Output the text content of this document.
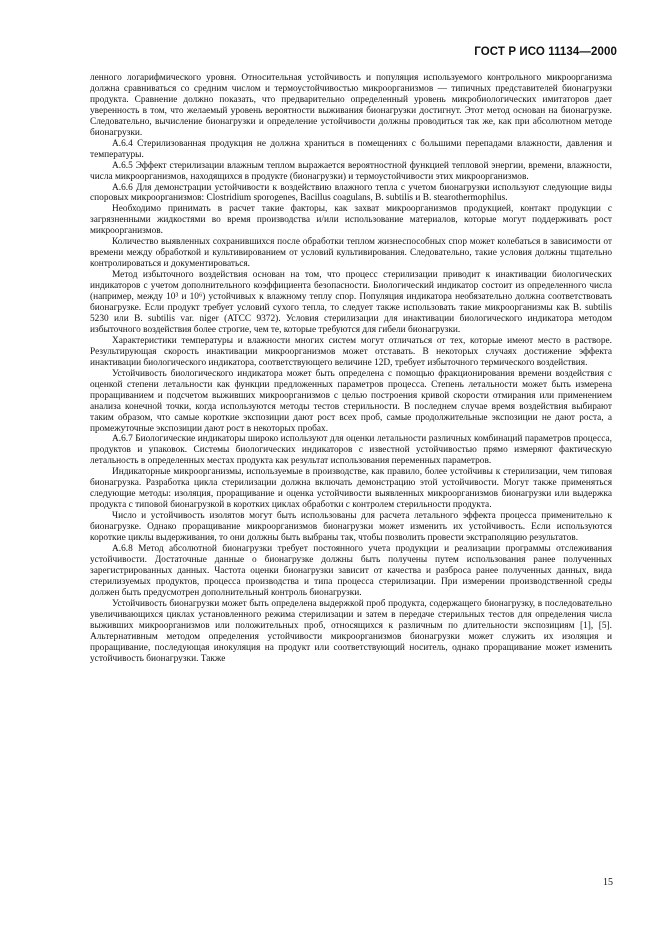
ГОСТ Р ИСО 11134—2000

ленного логарифмического уровня. Относительная устойчивость и популяция используемого контрольного микроорганизма должна сравниваться со средним числом и термоустойчивостью микроорганизмов — типичных представителей бионагрузки продукта. Сравнение должно показать, что предварительно определенный уровень микробиологических имитаторов дает уверенность в том, что желаемый уровень вероятности выживания бионагрузки достигнут. Этот метод основан на бионагрузке. Следовательно, вычисление бионагрузки и определение устойчивости должны проводиться так же, как при абсолютном методе бионагрузки.

А.6.4 Стерилизованная продукция не должна храниться в помещениях с большими перепадами влажности, давления и температуры.

А.6.5 Эффект стерилизации влажным теплом выражается вероятностной функцией тепловой энергии, времени, влажности, числа микроорганизмов, находящихся в продукте (бионагрузки) и термоустойчивости этих микроорганизмов.

А.6.6 Для демонстрации устойчивости к воздействию влажного тепла с учетом бионагрузки используют следующие виды споровых микроорганизмов: Clostridium sporogenes, Bacillus coagulans, B. subtilis и B. stearothermophilus.

Необходимо принимать в расчет такие факторы, как захват микроорганизмов продукцией, контакт продукции с загрязненными жидкостями во время производства и/или использование материалов, которые могут поддерживать рост микроорганизмов.

Количество выявленных сохранившихся после обработки теплом жизнеспособных спор может колебаться в зависимости от времени между обработкой и культивированием от условий культивирования. Следовательно, такие условия должны тщательно контролироваться и документироваться.

Метод избыточного воздействия основан на том, что процесс стерилизации приводит к инактивации биологических индикаторов с учетом дополнительного коэффициента безопасности. Биологический индикатор состоит из определенного числа (например, между 10³ и 10⁶) устойчивых к влажному теплу спор. Популяция индикатора необязательно должна соответствовать бионагрузке. Если продукт требует условий сухого тепла, то следует также использовать такие микроорганизмы как B. subtilis 5230 или B. subtilis var. niger (ATCC 9372). Условия стерилизации для инактивации биологического индикатора методом избыточного воздействия более строгие, чем те, которые требуются для гибели бионагрузки.

Характеристики температуры и влажности многих систем могут отличаться от тех, которые имеют место в растворе. Результирующая скорость инактивации микроорганизмов может отставать. В некоторых случаях достижение эффекта инактивации биологического индикатора, соответствующего величине 12D, требует избыточного термического воздействия.

Устойчивость биологического индикатора может быть определена с помощью фракционирования времени воздействия с оценкой степени летальности как функции предложенных параметров процесса. Степень летальности может быть измерена проращиванием и подсчетом выживших микроорганизмов с целью построения кривой скорости отмирания или применением анализа конечной точки, когда используются методы тестов стерильности. В последнем случае время воздействия выбирают таким образом, что самые короткие экспозиции дают рост всех проб, самые продолжительные экспозиции не дают роста, а промежуточные экспозиции дают рост в некоторых пробах.

А.6.7 Биологические индикаторы широко используют для оценки летальности различных комбинаций параметров процесса, продуктов и упаковок. Системы биологических индикаторов с известной устойчивостью прямо измеряют фактическую летальность в определенных местах продукта как результат использования переменных параметров.

Индикаторные микроорганизмы, используемые в производстве, как правило, более устойчивы к стерилизации, чем типовая бионагрузка. Разработка цикла стерилизации должна включать демонстрацию этой устойчивости. Могут также применяться следующие методы: изоляция, проращивание и оценка устойчивости выявленных микроорганизмов бионагрузки или выдержка продукта с типовой бионагрузкой в коротких циклах обработки с контролем стерильности продукта.

Число и устойчивость изолятов могут быть использованы для расчета летального эффекта процесса применительно к бионагрузке. Однако проращивание микроорганизмов бионагрузки может изменить их устойчивость. Если используются короткие циклы выдерживания, то они должны быть выбраны так, чтобы позволить провести экстраполяцию результатов.

А.6.8 Метод абсолютной бионагрузки требует постоянного учета продукции и реализации программы отслеживания устойчивости. Достаточные данные о бионагрузке должны быть получены путем использования ранее полученных зарегистрированных данных. Частота оценки бионагрузки зависит от качества и разброса ранее полученных данных, вида стерилизуемых продуктов, процесса производства и типа процесса стерилизации. При измерении производственной среды должен быть предусмотрен дополнительный контроль бионагрузки.

Устойчивость бионагрузки может быть определена выдержкой проб продукта, содержащего бионагрузку, в последовательно увеличивающихся циклах установленного режима стерилизации и затем в передаче стерильных тестов для определения числа выживших микроорганизмов или положительных проб, относящихся к различным по длительности экспозициям [1], [5]. Альтернативным методом определения устойчивости микроорганизмов бионагрузки может служить их изоляция и проращивание, последующая инокуляция на продукт или соответствующий носитель, однако проращивание может изменить устойчивость бионагрузки. Также

15
